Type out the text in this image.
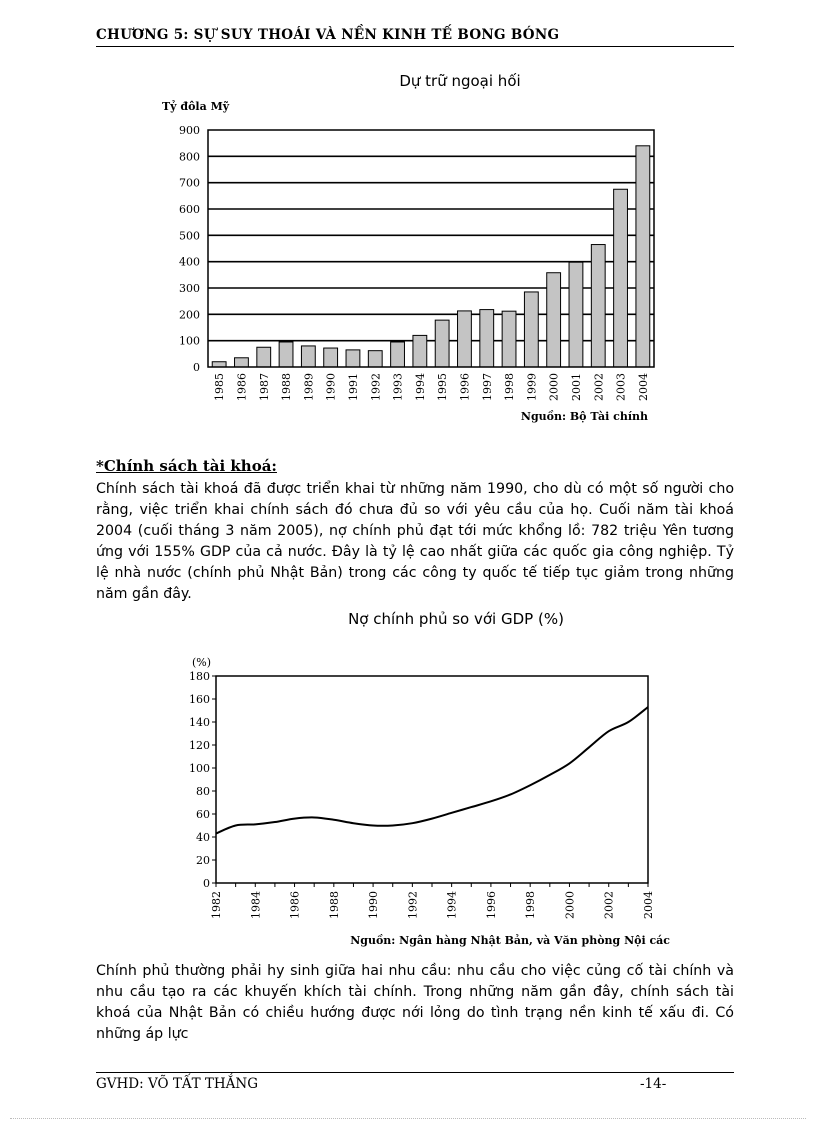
CHƯƠNG 5: SỰ SUY THOÁI VÀ NỀN KINH TẾ BONG BÓNG
Dự trữ ngoại hối
Tỷ đôla Mỹ
0
100
200
300
400
500
600
700
800
900
1985 1986 1987 1988 1989 1990 1991 1992 1993 1994 1995 1996 1997 1998 1999 2000 2001 2002 2003 2004
Nguồn: Bộ Tài chính
*Chính sách tài khoá:
Chính sách tài khoá đã được triển khai từ những năm 1990, cho dù có một số người cho rằng, việc triển khai chính sách đó chưa đủ so với yêu cầu của họ. Cuối năm tài khoá 2004 (cuối tháng 3 năm 2005), nợ chính phủ đạt tới mức khổng lồ: 782 triệu Yên tương ứng với 155% GDP của cả nước. Đây là tỷ lệ cao nhất giữa các quốc gia công nghiệp. Tỷ lệ nhà nước (chính phủ Nhật Bản) trong các công ty quốc tế tiếp tục giảm trong những năm gần đây.
Nợ chính phủ so với GDP (%)
(%)
0
20
40
60
80
100
120
140
160
180
1982 1984 1986 1988 1990 1992 1994 1996 1998 2000 2002 2004
Nguồn: Ngân hàng Nhật Bản, và Văn phòng Nội các
Chính phủ thường phải hy sinh giữa hai nhu cầu: nhu cầu cho việc củng cố tài chính và nhu cầu tạo ra các khuyến khích tài chính. Trong những năm gần đây, chính sách tài khoá của Nhật Bản có chiều hướng được nới lỏng do tình trạng nền kinh tế xấu đi. Có những áp lực
GVHD: VÕ TẤT THẮNG	-14-
